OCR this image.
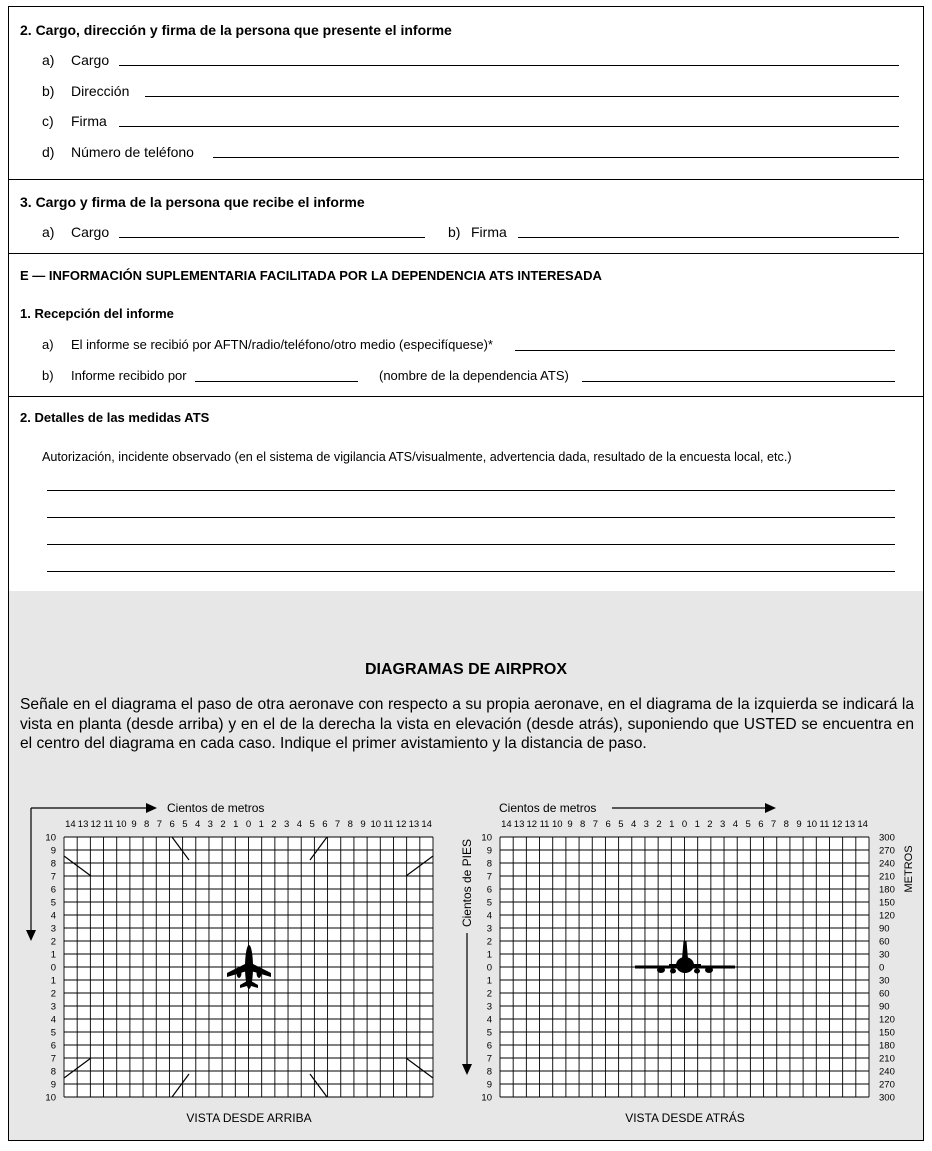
2. Cargo, dirección y firma de la persona que presente el informe
a) Cargo
b) Dirección
c) Firma
d) Número de teléfono
3. Cargo y firma de la persona que recibe el informe
a) Cargo	b) Firma
E — INFORMACIÓN SUPLEMENTARIA FACILITADA POR LA DEPENDENCIA ATS INTERESADA
1. Recepción del informe
a) El informe se recibió por AFTN/radio/teléfono/otro medio (especifíquese)*
b) Informe recibido por	(nombre de la dependencia ATS)
2. Detalles de las medidas ATS
Autorización, incidente observado (en el sistema de vigilancia ATS/visualmente, advertencia dada, resultado de la encuesta local, etc.)
DIAGRAMAS DE AIRPROX
Señale en el diagrama el paso de otra aeronave con respecto a su propia aeronave, en el diagrama de la izquierda se indicará la vista en planta (desde arriba) y en el de la derecha la vista en elevación (desde atrás), suponiendo que USTED se encuentra en el centro del diagrama en cada caso. Indique el primer avistamiento y la distancia de paso.
14 13 12 11 10 9 8 7 6 5 4 3 2 1 0 1 2 3 4 5 6 7 8 9 10 11 12 13 14
10
9
8
7
6
5
4
3
2
1
0
1
2
3
4
5
6
7
8
9
10
Cientos de metros
VISTA DESDE ARRIBA
14 13 12 11 10 9 8 7 6 5 4 3 2 1 0 1 2 3 4 5 6 7 8 9 10 11 12 13 14
10
9
8
7
6
5
4
3
2
1
0
1
2
3
4
5
6
7
8
9
10
300
270
240
210
180
150
120
90
60
30
0
30
60
90
120
150
180
210
240
270
300
Cientos de metros
Cientos de PIES	METROS
VISTA DESDE ATRÁS
